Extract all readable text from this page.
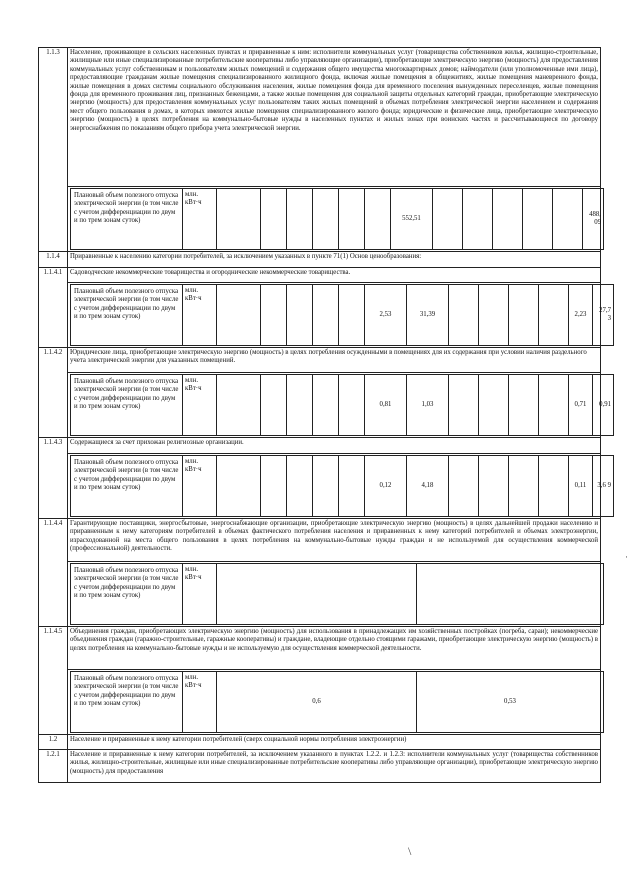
1.1.3	Население, проживающее в сельских населенных пунктах и приравненные к ним: исполнители коммунальных услуг (товарищества собственников жилья, жилищно-строительные, жилищные или иные специализированные потребительские кооперативы либо управляющие организации), приобретающие электрическую энергию (мощность) для предоставления коммунальных услуг собственникам и пользователям жилых помещений и содержания общего имущества многоквартирных домов; наймодатели (или уполномоченные ими лица), предоставляющие гражданам жилые помещения специализированного жилищного фонда, включая жилые помещения в общежитиях, жилые помещения маневренного фонда, жилые помещения в домах системы социального обслуживания населения, жилые помещения фонда для временного поселения вынужденных переселенцев, жилые помещения фонда для временного проживания лиц, признанных беженцами, а также жилые помещения для социальной защиты отдельных категорий граждан, приобретающие электрическую энергию (мощность) для предоставления коммунальных услуг пользователям таких жилых помещений в объемах потребления электрической энергии населением и содержания мест общего пользования в домах, в которых имеются жилые помещения специализированного жилого фонда; юридические и физические лица, приобретающие электрическую энергию (мощность) в целях потребления на коммунально-бытовые нужды в населенных пунктах и жилых зонах при воинских частях и рассчитывающиеся по договору энергоснабжения по показаниям общего прибора учета электрической энергии.

Плановый объем полезного отпуска электрической энергии (в том числе с учетом дифференциации по двум и по трем зонам суток)	млн. кВт·ч							552,51						488, 09

1.1.4	Приравненные к населению категории потребителей, за исключением указанных в пункте 71(1) Основ ценообразования:
1.1.4.1	Садоводческие некоммерческие товарищества и огороднические некоммерческие товарищества.

Плановый объем полезного отпуска электрической энергии (в том числе с учетом дифференциации по двум и по трем зонам суток)	млн. кВт·ч						2,53	31,39					2,23	27,7 3

1.1.4.2	Юридические лица, приобретающие электрическую энергию (мощность) в целях потребления осужденными в помещениях для их содержания при условии наличия раздельного учета электрической энергии для указанных помещений.

Плановый объем полезного отпуска электрической энергии (в том числе с учетом дифференциации по двум и по трем зонам суток)	млн. кВт·ч						0,81	1,03					0,71	0,91

1.1.4.3	Содержащиеся за счет прихожан религиозные организации.

Плановый объем полезного отпуска электрической энергии (в том числе с учетом дифференциации по двум и по трем зонам суток)	млн. кВт·ч						0,12	4,18					0,11	3,6 9

1.1.4.4	Гарантирующие поставщики, энергосбытовые, энергоснабжающие организации, приобретающие электрическую энергию (мощность) в целях дальнейшей продажи населению и приравненным к нему категориям потребителей в объемах фактического потребления населения и приравненных к нему категорий потребителей и объемах электроэнергии, израсходованной на места общего пользования в целях потребления на коммунально-бытовые нужды граждан и не используемой для осуществления коммерческой (профессиональной) деятельности.

Плановый объем полезного отпуска электрической энергии (в том числе с учетом дифференциации по двум и по трем зонам суток)	млн. кВт·ч		

1.1.4.5	Объединения граждан, приобретающих электрическую энергию (мощность) для использования в принадлежащих им хозяйственных постройках (погреба, сараи); некоммерческие объединения граждан (гаражно-строительные, гаражные кооперативы) и граждане, владеющие отдельно стоящими гаражами, приобретающие электрическую энергию (мощность) в целях потребления на коммунально-бытовые нужды и не используемую для осуществления коммерческой деятельности.

Плановый объем полезного отпуска электрической энергии (в том числе с учетом дифференциации по двум и по трем зонам суток)	млн. кВт·ч	0,6	0,53

1.2	Население и приравненные к нему категории потребителей (сверх социальной нормы потребления электроэнергии)
1.2.1	Население и приравненные к нему категории потребителей, за исключением указанного в пунктах 1.2.2. и 1.2.3: исполнители коммунальных услуг (товарищества собственников жилья, жилищно-строительные, жилищные или иные специализированные потребительские кооперативы либо управляющие организации), приобретающие электрическую энергию (мощность) для предоставления
·
\
